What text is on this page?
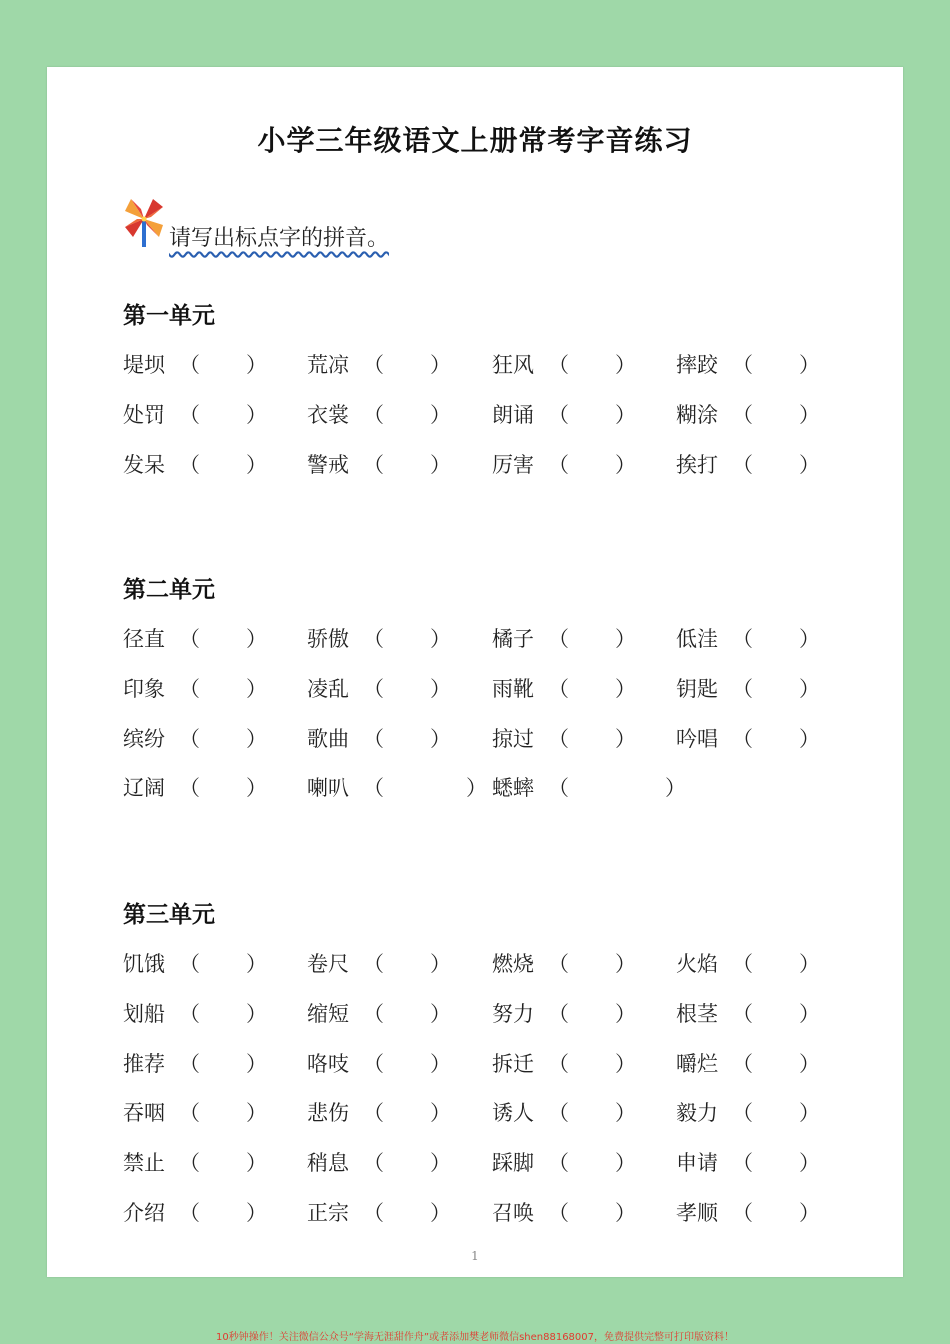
小学三年级语文上册常考字音练习
请写出标点字的拼音。
第一单元
堤坝 （ ） 荒凉 （ ） 狂风 （ ） 摔跤 （ ）
处罚 （ ） 衣裳 （ ） 朗诵 （ ） 糊涂 （ ）
发呆 （ ） 警戒 （ ） 厉害 （ ） 挨打 （ ）
第二单元
径直 （ ） 骄傲 （ ） 橘子 （ ） 低洼 （ ）
印象 （ ） 凌乱 （ ） 雨靴 （ ） 钥匙 （ ）
缤纷 （ ） 歌曲 （ ） 掠过 （ ） 吟唱 （ ）
辽阔 （ ） 喇叭 （	） 蟋蟀 （	）
第三单元
饥饿 （ ） 卷尺 （ ） 燃烧 （ ） 火焰 （ ）
划船 （ ） 缩短 （ ） 努力 （ ） 根茎 （ ）
推荐 （ ） 咯吱 （ ） 拆迁 （ ） 嚼烂 （ ）
吞咽 （ ） 悲伤 （ ） 诱人 （ ） 毅力 （ ）
禁止 （ ） 稍息 （ ） 踩脚 （ ） 申请 （ ）
介绍 （ ） 正宗 （ ） 召唤 （ ） 孝顺 （ ）
1
10秒钟操作！关注微信公众号“学海无涯甜作舟”或者添加樊老师微信shen88168007，免费提供完整可打印版资料！
